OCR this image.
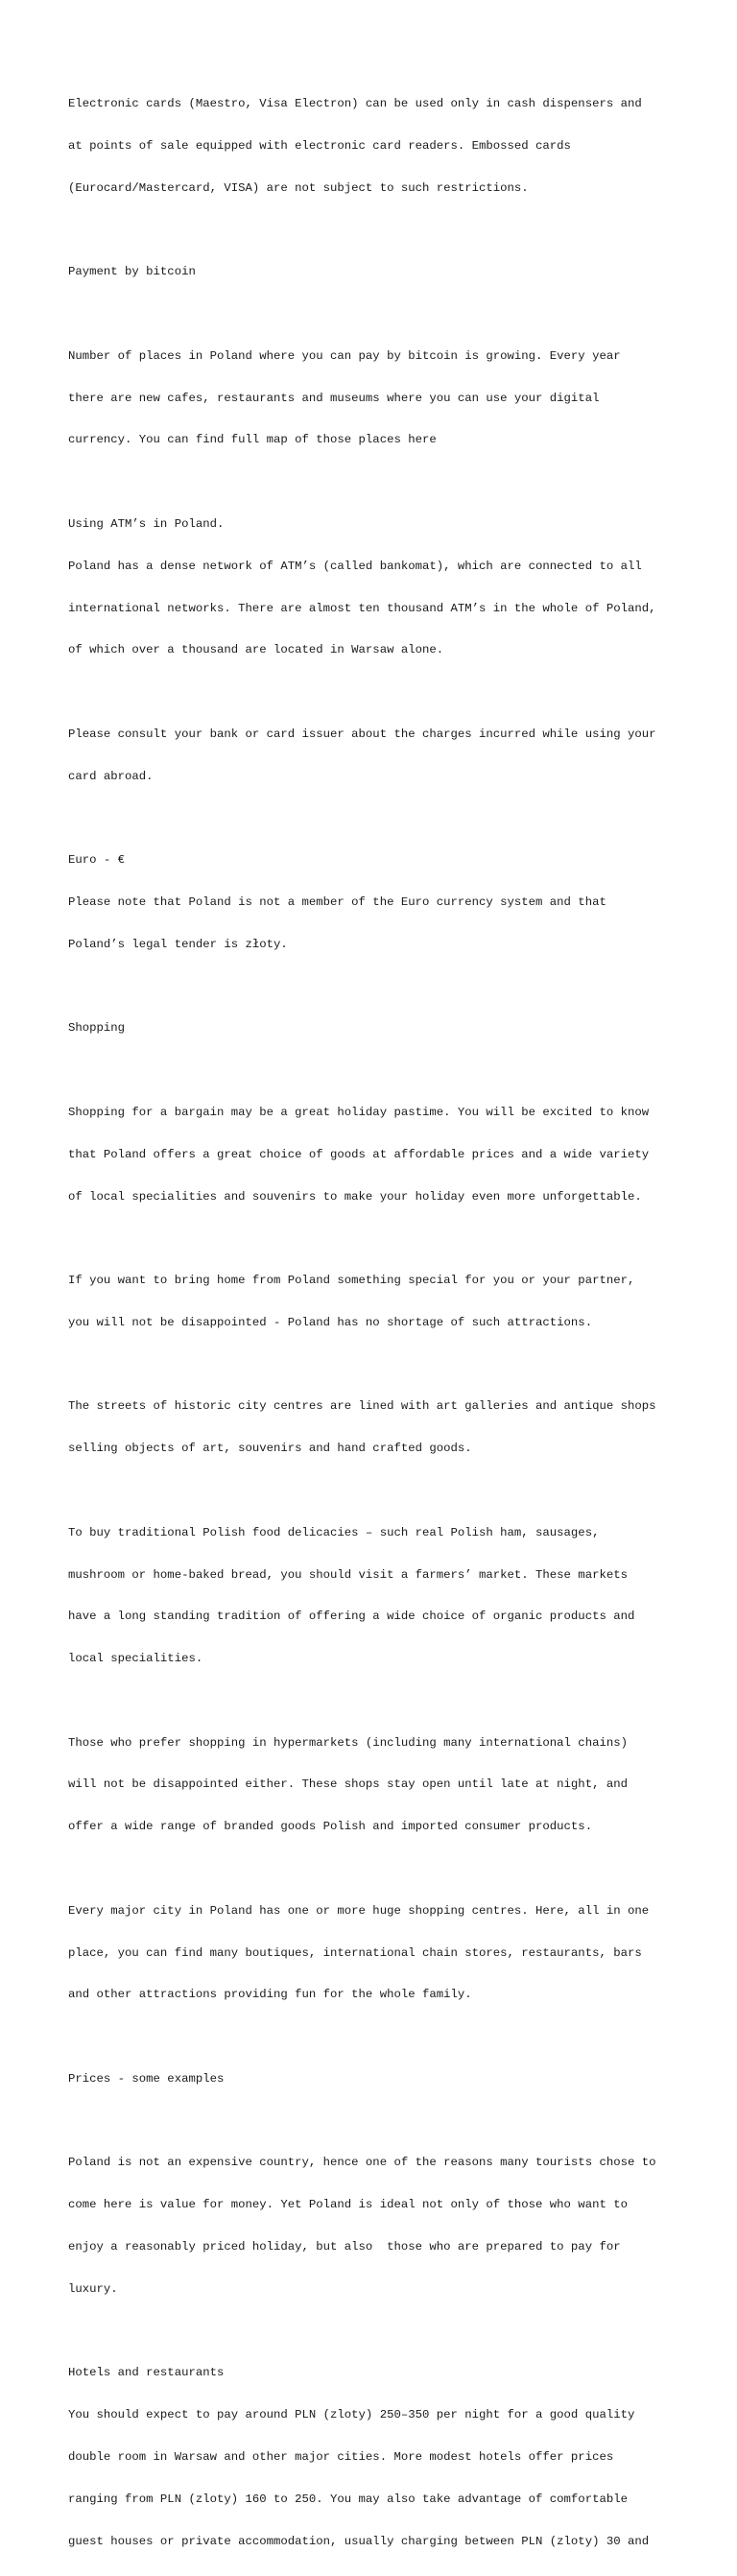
Electronic cards (Maestro, Visa Electron) can be used only in cash dispensers and

at points of sale equipped with electronic card readers. Embossed cards

(Eurocard/Mastercard, VISA) are not subject to such restrictions.

Payment by bitcoin

Number of places in Poland where you can pay by bitcoin is growing. Every year

there are new cafes, restaurants and museums where you can use your digital

currency. You can find full map of those places here

Using ATM’s in Poland.

Poland has a dense network of ATM’s (called bankomat), which are connected to all

international networks. There are almost ten thousand ATM’s in the whole of Poland,

of which over a thousand are located in Warsaw alone.

Please consult your bank or card issuer about the charges incurred while using your

card abroad.

Euro - €

Please note that Poland is not a member of the Euro currency system and that

Poland’s legal tender is złoty.

Shopping

Shopping for a bargain may be a great holiday pastime. You will be excited to know

that Poland offers a great choice of goods at affordable prices and a wide variety

of local specialities and souvenirs to make your holiday even more unforgettable.

If you want to bring home from Poland something special for you or your partner,

you will not be disappointed - Poland has no shortage of such attractions.

The streets of historic city centres are lined with art galleries and antique shops

selling objects of art, souvenirs and hand crafted goods.

To buy traditional Polish food delicacies – such real Polish ham, sausages,

mushroom or home-baked bread, you should visit a farmers’ market. These markets

have a long standing tradition of offering a wide choice of organic products and

local specialities.

Those who prefer shopping in hypermarkets (including many international chains)

will not be disappointed either. These shops stay open until late at night, and

offer a wide range of branded goods Polish and imported consumer products.

Every major city in Poland has one or more huge shopping centres. Here, all in one

place, you can find many boutiques, international chain stores, restaurants, bars

and other attractions providing fun for the whole family.

Prices - some examples

Poland is not an expensive country, hence one of the reasons many tourists chose to

come here is value for money. Yet Poland is ideal not only of those who want to

enjoy a reasonably priced holiday, but also  those who are prepared to pay for

luxury.

Hotels and restaurants

You should expect to pay around PLN (zloty) 250–350 per night for a good quality

double room in Warsaw and other major cities. More modest hotels offer prices

ranging from PLN (zloty) 160 to 250. You may also take advantage of comfortable

guest houses or private accommodation, usually charging between PLN (zloty) 30 and
